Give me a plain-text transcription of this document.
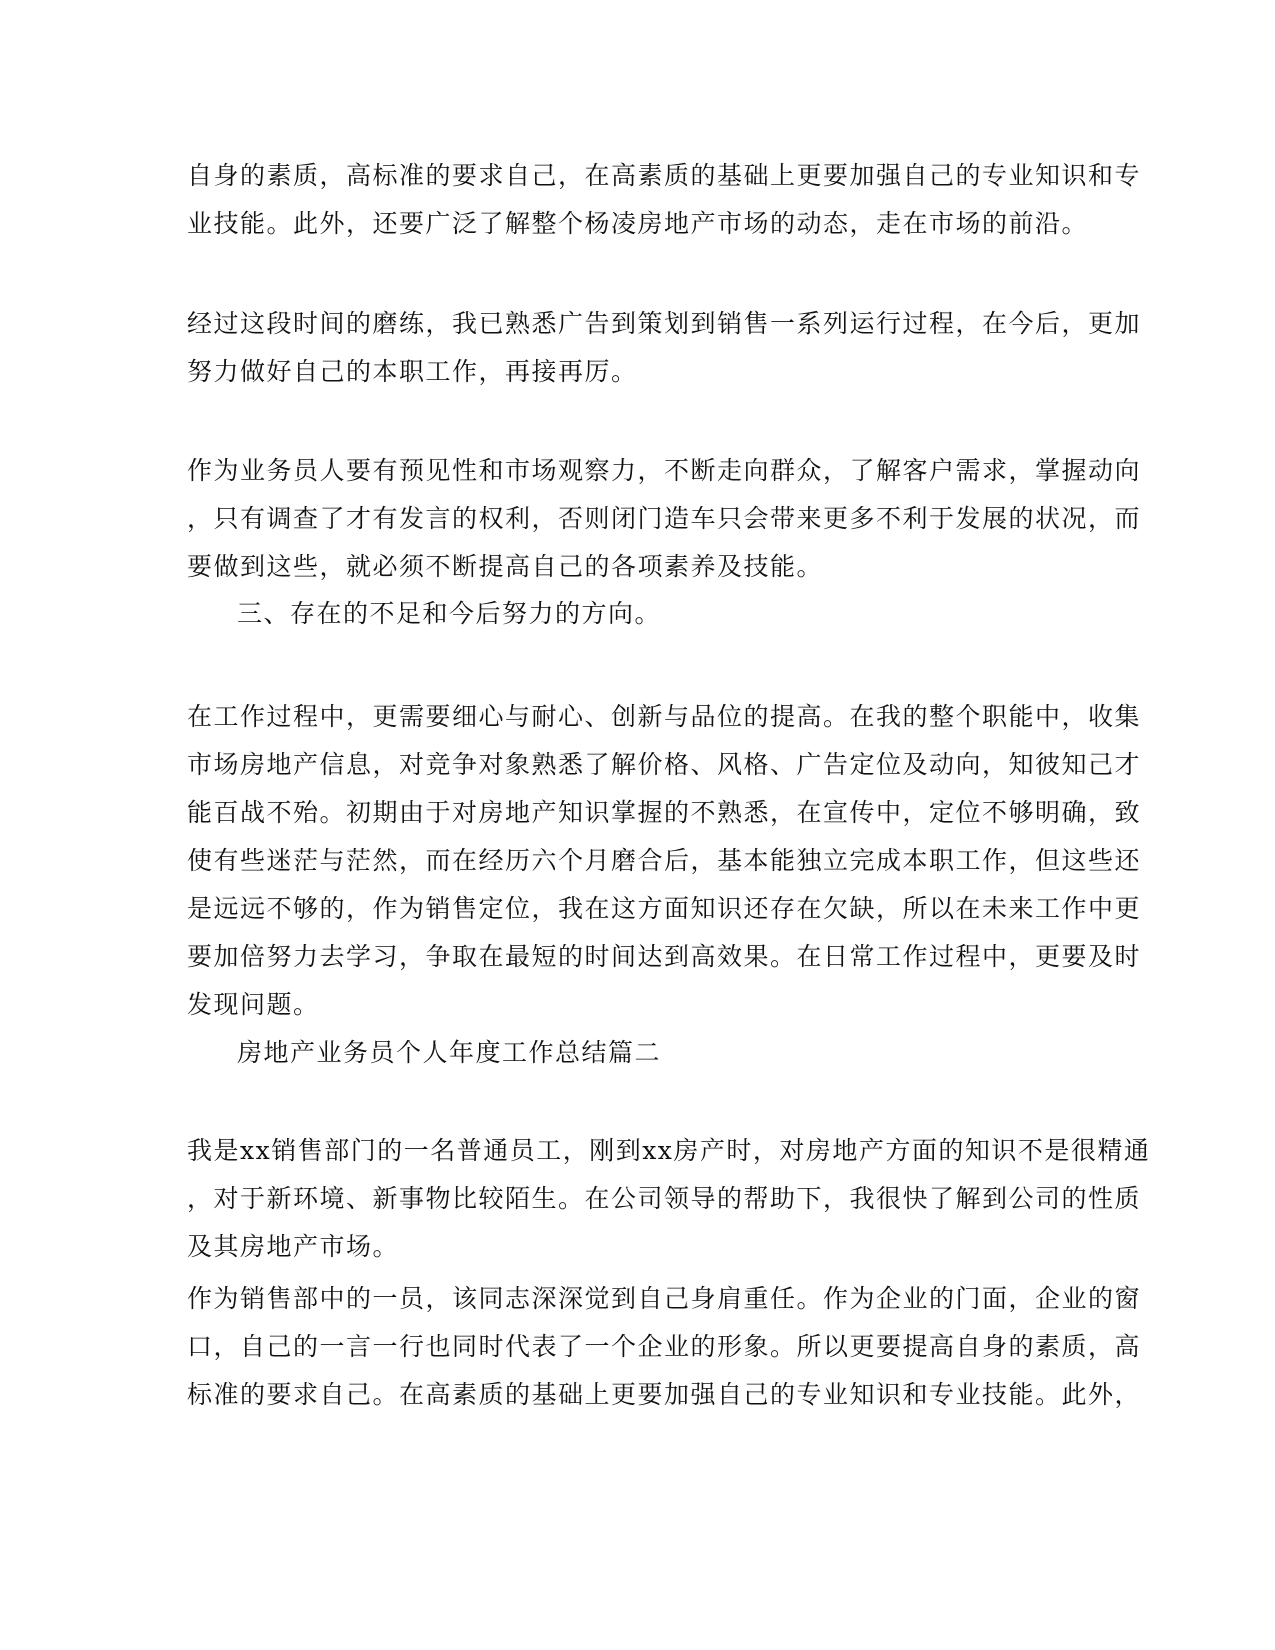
自身的素质，高标准的要求自己，在高素质的基础上更要加强自己的专业知识和专
业技能。此外，还要广泛了解整个杨凌房地产市场的动态，走在市场的前沿。
经过这段时间的磨练，我已熟悉广告到策划到销售一系列运行过程，在今后，更加
努力做好自己的本职工作，再接再厉。
作为业务员人要有预见性和市场观察力，不断走向群众，了解客户需求，掌握动向
，只有调查了才有发言的权利，否则闭门造车只会带来更多不利于发展的状况，而
要做到这些，就必须不断提高自己的各项素养及技能。
三、存在的不足和今后努力的方向。
在工作过程中，更需要细心与耐心、创新与品位的提高。在我的整个职能中，收集
市场房地产信息，对竞争对象熟悉了解价格、风格、广告定位及动向，知彼知己才
能百战不殆。初期由于对房地产知识掌握的不熟悉，在宣传中，定位不够明确，致
使有些迷茫与茫然，而在经历六个月磨合后，基本能独立完成本职工作，但这些还
是远远不够的，作为销售定位，我在这方面知识还存在欠缺，所以在未来工作中更
要加倍努力去学习，争取在最短的时间达到高效果。在日常工作过程中，更要及时
发现问题。
房地产业务员个人年度工作总结篇二
我是xx销售部门的一名普通员工，刚到xx房产时，对房地产方面的知识不是很精通
，对于新环境、新事物比较陌生。在公司领导的帮助下，我很快了解到公司的性质
及其房地产市场。
作为销售部中的一员，该同志深深觉到自己身肩重任。作为企业的门面，企业的窗
口，自己的一言一行也同时代表了一个企业的形象。所以更要提高自身的素质，高
标准的要求自己。在高素质的基础上更要加强自己的专业知识和专业技能。此外，
